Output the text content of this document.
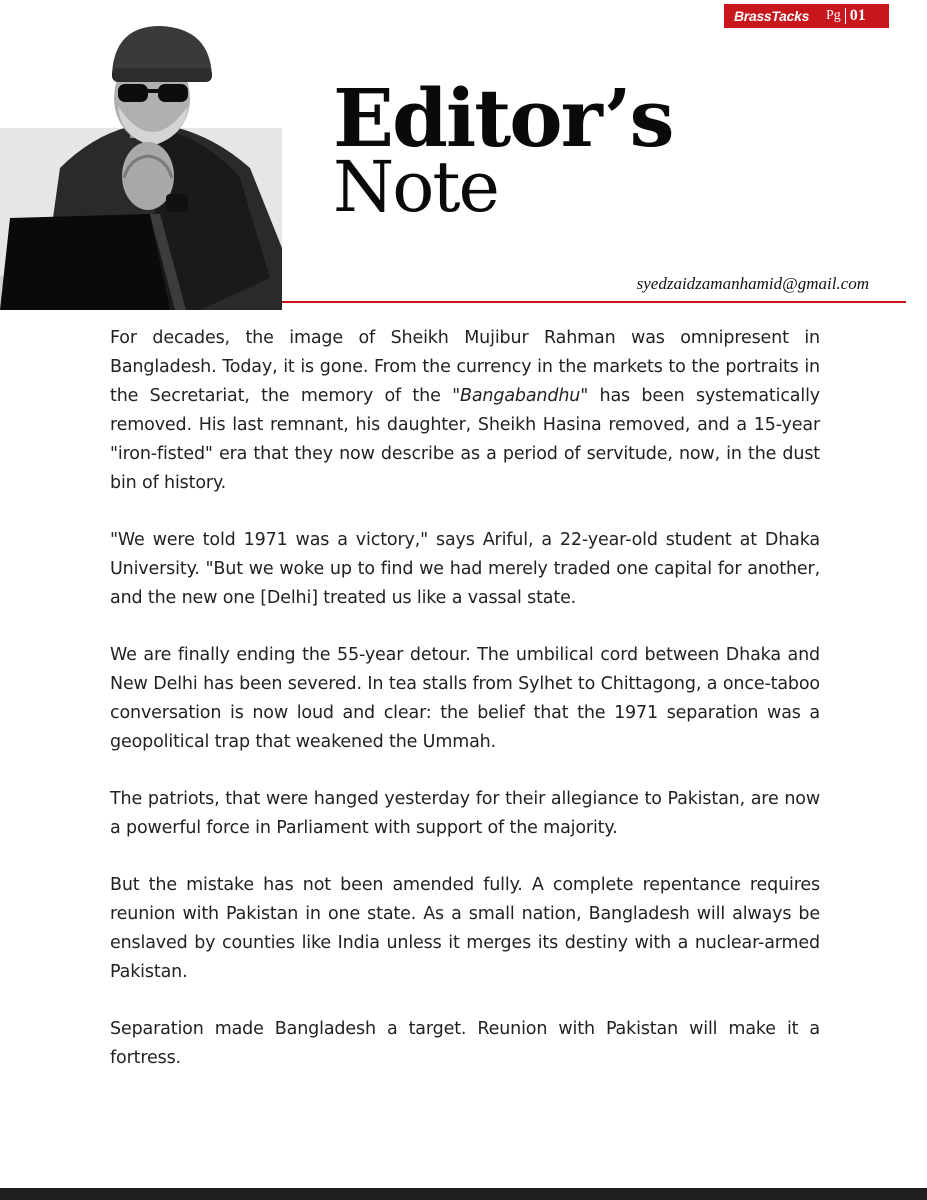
BrassTacks	Pg 01
Editor’s
Note
syedzaidzamanhamid@gmail.com

For decades, the image of Sheikh Mujibur Rahman was omnipresent in Bangladesh. Today, it is gone. From the currency in the markets to the portraits in the Secretariat, the memory of the "Bangabandhu" has been systematically removed. His last remnant, his daughter, Sheikh Hasina removed, and a 15-year "iron-fisted" era that they now describe as a period of servitude, now, in the dust bin of history.

"We were told 1971 was a victory," says Ariful, a 22-year-old student at Dhaka University. "But we woke up to find we had merely traded one capital for another, and the new one [Delhi] treated us like a vassal state.

We are finally ending the 55-year detour. The umbilical cord between Dhaka and New Delhi has been severed. In tea stalls from Sylhet to Chittagong, a once-taboo conversation is now loud and clear: the belief that the 1971 separation was a geopolitical trap that weakened the Ummah.

The patriots, that were hanged yesterday for their allegiance to Pakistan, are now a powerful force in Parliament with support of the majority.

But the mistake has not been amended fully. A complete repentance requires reunion with Pakistan in one state. As a small nation, Bangladesh will always be enslaved by counties like India unless it merges its destiny with a nuclear-armed Pakistan.

Separation made Bangladesh a target. Reunion with Pakistan will make it a fortress.
